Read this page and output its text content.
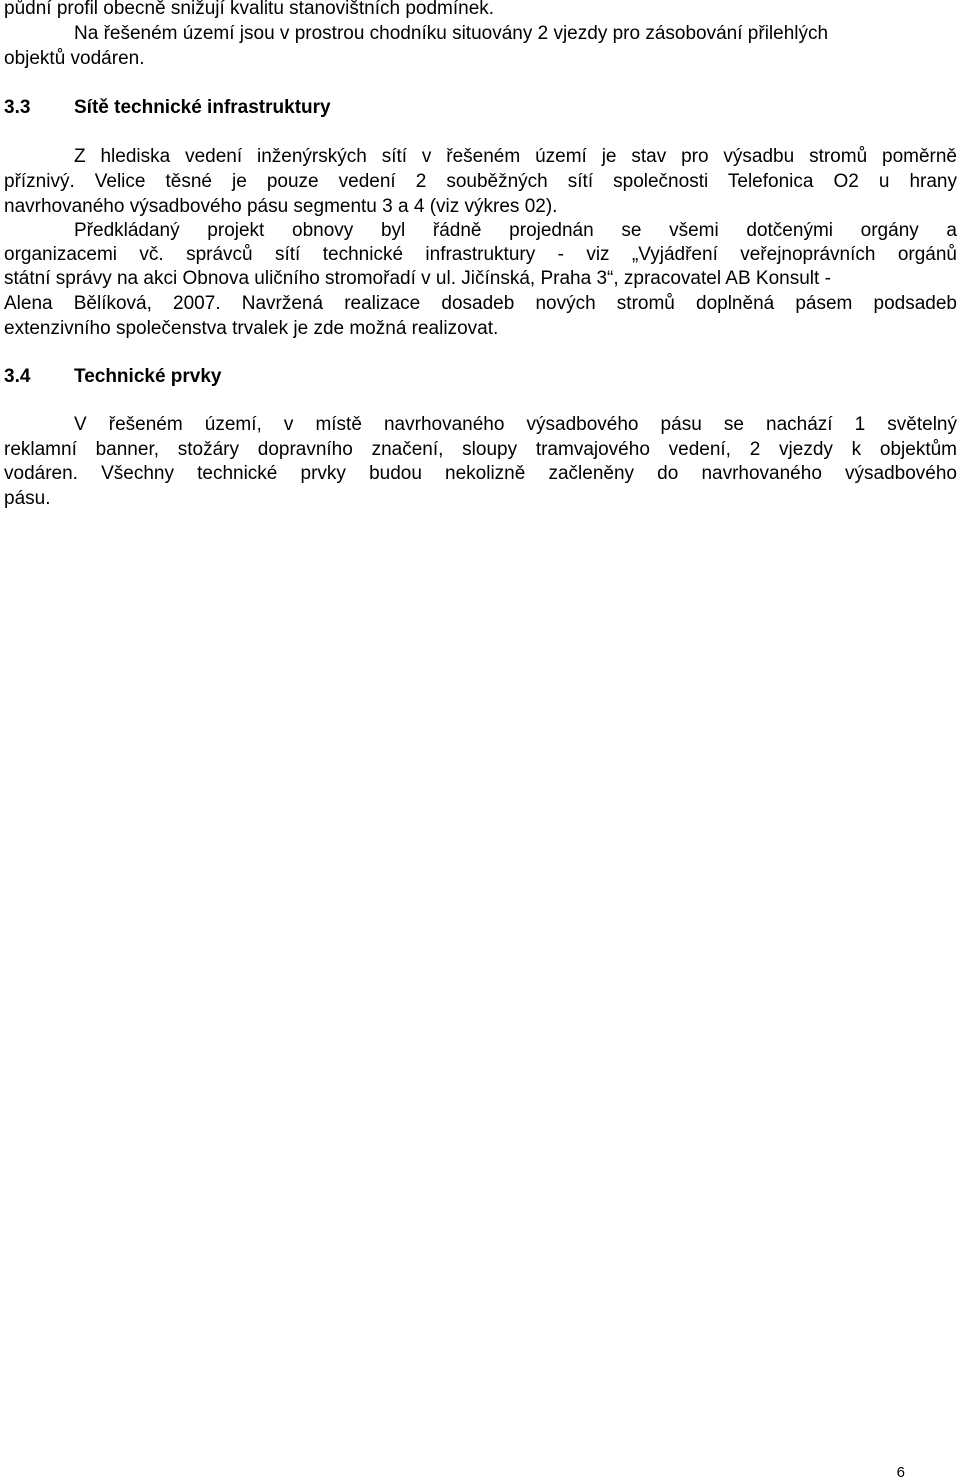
půdní profil obecně snižují kvalitu stanovištních podmínek.
Na řešeném území jsou v prostrou chodníku situovány 2 vjezdy pro zásobování přilehlých
objektů vodáren.
3.3 Sítě technické infrastruktury
Z hlediska vedení inženýrských sítí v řešeném území je stav pro výsadbu stromů poměrně
příznivý. Velice těsné je pouze vedení 2 souběžných sítí společnosti Telefonica O2 u hrany
navrhovaného výsadbového pásu segmentu 3 a 4 (viz výkres 02).
Předkládaný projekt obnovy byl řádně projednán se všemi dotčenými orgány a
organizacemi vč. správců sítí technické infrastruktury - viz „Vyjádření veřejnoprávních orgánů
státní správy na akci Obnova uličního stromořadí v ul. Jičínská, Praha 3“, zpracovatel AB Konsult -
Alena Bělíková, 2007. Navržená realizace dosadeb nových stromů doplněná pásem podsadeb
extenzivního společenstva trvalek je zde možná realizovat.
3.4 Technické prvky
V řešeném území, v místě navrhovaného výsadbového pásu se nachází 1 světelný
reklamní banner, stožáry dopravního značení, sloupy tramvajového vedení, 2 vjezdy k objektům
vodáren. Všechny technické prvky budou nekolizně začleněny do navrhovaného výsadbového
pásu.
6
